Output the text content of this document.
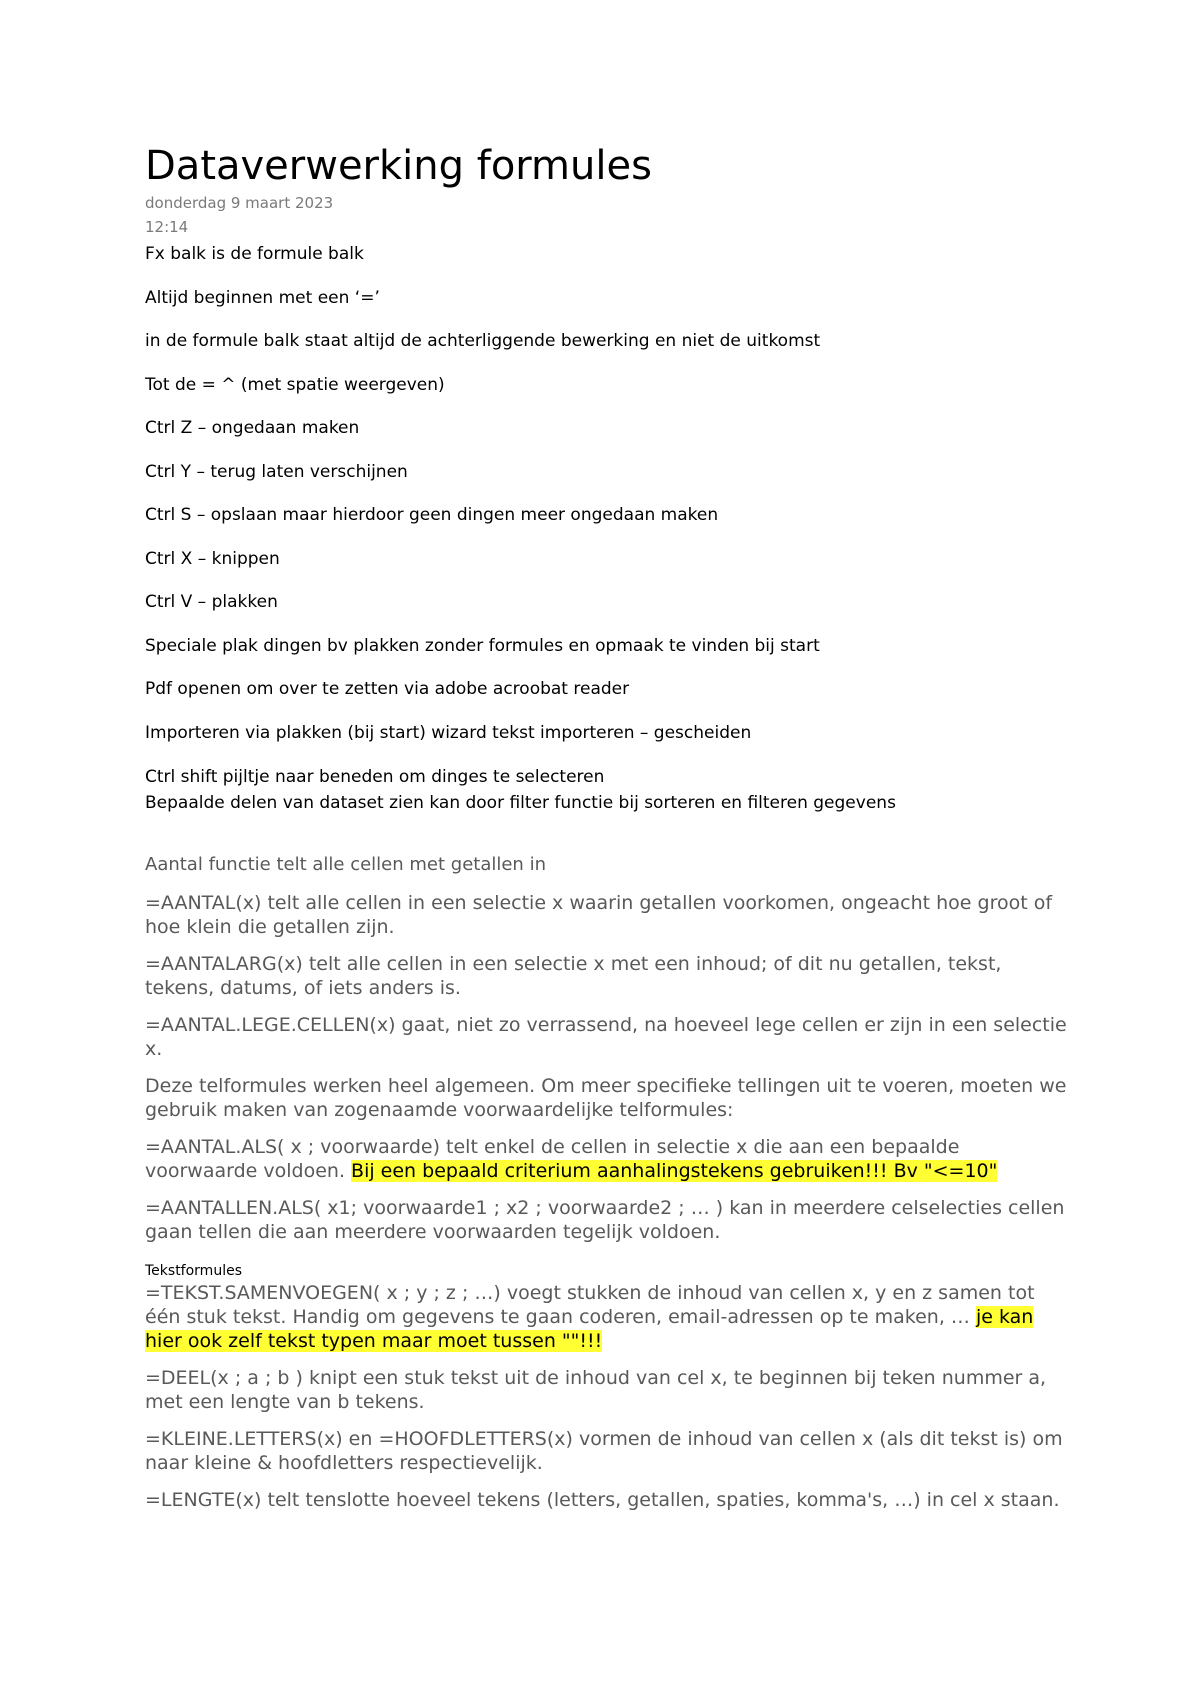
Dataverwerking formules
donderdag 9 maart 2023
12:14
Fx balk is de formule balk
Altijd beginnen met een ‘=’
in de formule balk staat altijd de achterliggende bewerking en niet de uitkomst
Tot de = ^ (met spatie weergeven)
Ctrl Z – ongedaan maken
Ctrl Y – terug laten verschijnen
Ctrl S – opslaan maar hierdoor geen dingen meer ongedaan maken
Ctrl X – knippen
Ctrl V – plakken
Speciale plak dingen bv plakken zonder formules en opmaak te vinden bij start
Pdf openen om over te zetten via adobe acroobat reader
Importeren via plakken (bij start) wizard tekst importeren – gescheiden
Ctrl shift pijltje naar beneden om dinges te selecteren
Bepaalde delen van dataset zien kan door filter functie bij sorteren en filteren gegevens
Aantal functie telt alle cellen met getallen in
=AANTAL(x) telt alle cellen in een selectie x waarin getallen voorkomen, ongeacht hoe groot of hoe klein die getallen zijn.
=AANTALARG(x) telt alle cellen in een selectie x met een inhoud; of dit nu getallen, tekst, tekens, datums, of iets anders is.
=AANTAL.LEGE.CELLEN(x) gaat, niet zo verrassend, na hoeveel lege cellen er zijn in een selectie x.
Deze telformules werken heel algemeen. Om meer specifieke tellingen uit te voeren, moeten we gebruik maken van zogenaamde voorwaardelijke telformules:
=AANTAL.ALS( x ; voorwaarde) telt enkel de cellen in selectie x die aan een bepaalde voorwaarde voldoen. Bij een bepaald criterium aanhalingstekens gebruiken!!! Bv "<=10"
=AANTALLEN.ALS( x1; voorwaarde1 ; x2 ; voorwaarde2 ; … ) kan in meerdere celselecties cellen gaan tellen die aan meerdere voorwaarden tegelijk voldoen.
Tekstformules
=TEKST.SAMENVOEGEN( x ; y ; z ; …) voegt stukken de inhoud van cellen x, y en z samen tot één stuk tekst. Handig om gegevens te gaan coderen, email-adressen op te maken, … je kan hier ook zelf tekst typen maar moet tussen ""!!!
=DEEL(x ; a ; b ) knipt een stuk tekst uit de inhoud van cel x, te beginnen bij teken nummer a, met een lengte van b tekens.
=KLEINE.LETTERS(x) en =HOOFDLETTERS(x) vormen de inhoud van cellen x (als dit tekst is) om naar kleine & hoofdletters respectievelijk.
=LENGTE(x) telt tenslotte hoeveel tekens (letters, getallen, spaties, komma's, …) in cel x staan.
